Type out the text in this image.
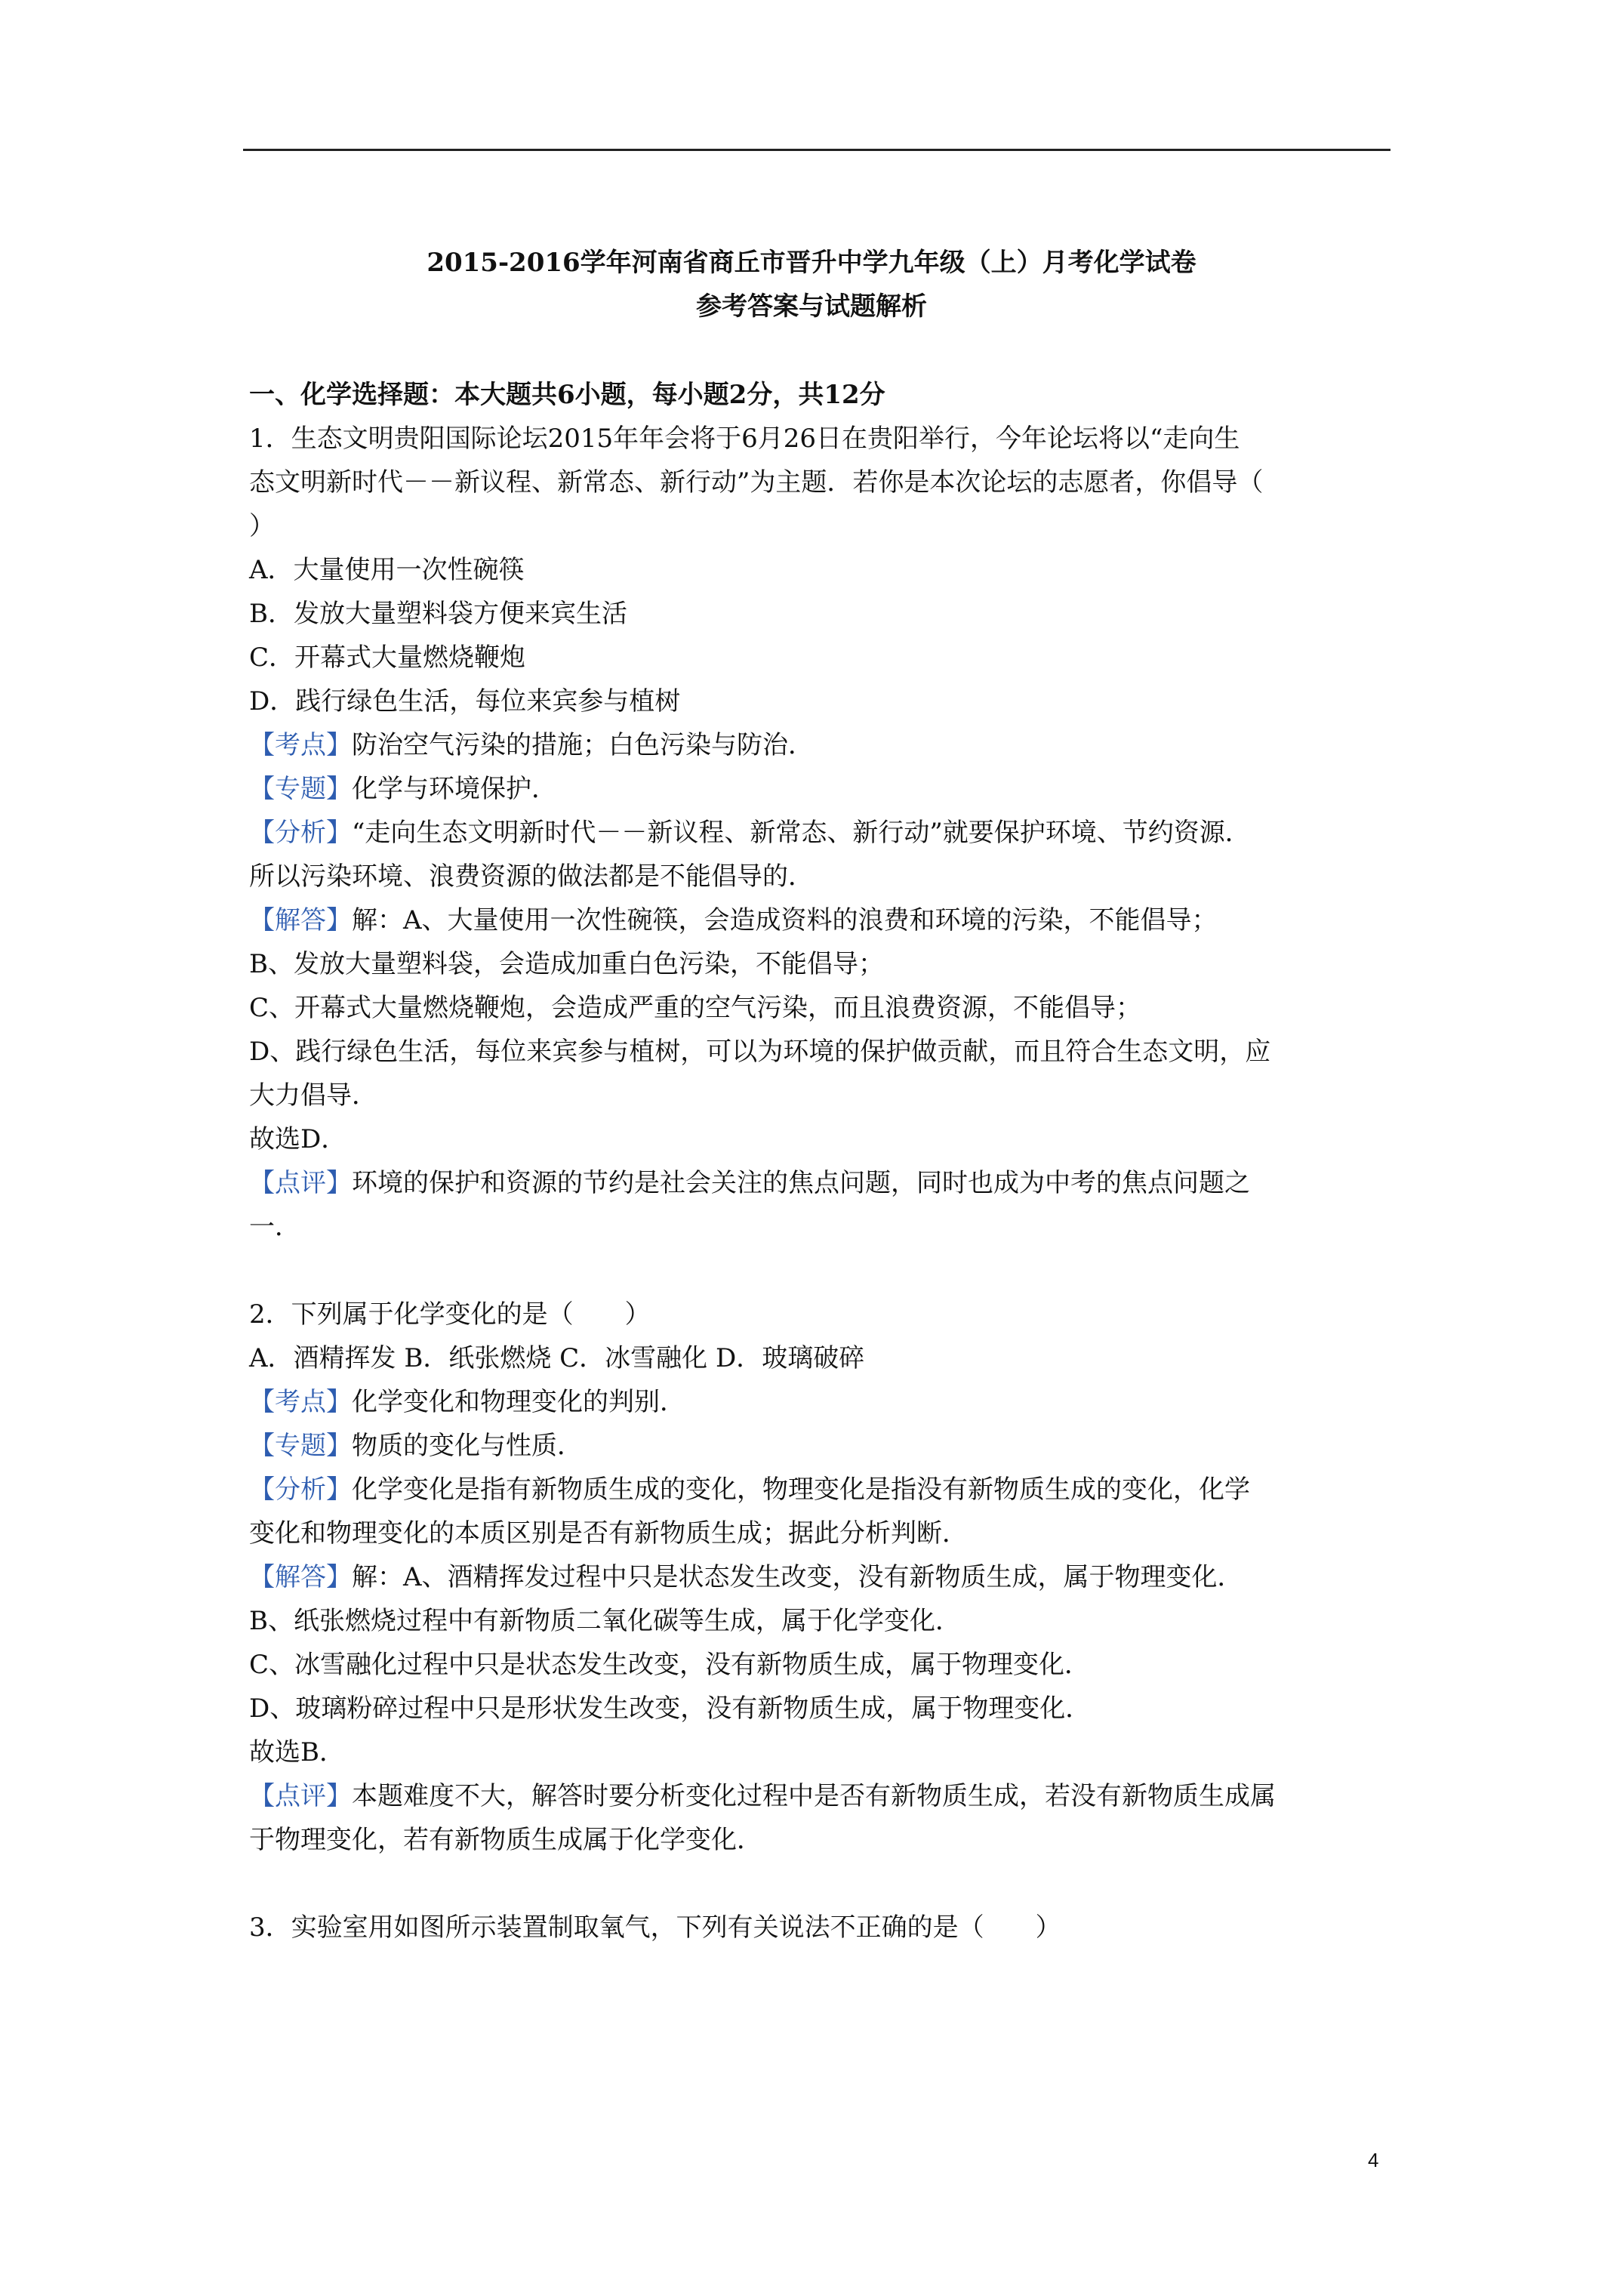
2015-2016学年河南省商丘市晋升中学九年级（上）月考化学试卷
参考答案与试题解析
一、化学选择题：本大题共6小题，每小题2分，共12分
1．生态文明贵阳国际论坛2015年年会将于6月26日在贵阳举行，今年论坛将以“走向生
态文明新时代－－新议程、新常态、新行动”为主题．若你是本次论坛的志愿者，你倡导（
）
A．大量使用一次性碗筷
B．发放大量塑料袋方便来宾生活
C．开幕式大量燃烧鞭炮
D．践行绿色生活，每位来宾参与植树
【考点】防治空气污染的措施；白色污染与防治．
【专题】化学与环境保护．
【分析】“走向生态文明新时代－－新议程、新常态、新行动”就要保护环境、节约资源．
所以污染环境、浪费资源的做法都是不能倡导的．
【解答】解：A、大量使用一次性碗筷，会造成资料的浪费和环境的污染，不能倡导；
B、发放大量塑料袋，会造成加重白色污染，不能倡导；
C、开幕式大量燃烧鞭炮，会造成严重的空气污染，而且浪费资源，不能倡导；
D、践行绿色生活，每位来宾参与植树，可以为环境的保护做贡献，而且符合生态文明，应
大力倡导．
故选D．
【点评】环境的保护和资源的节约是社会关注的焦点问题，同时也成为中考的焦点问题之
一．
2．下列属于化学变化的是（　　）
A．酒精挥发 B．纸张燃烧 C．冰雪融化 D．玻璃破碎
【考点】化学变化和物理变化的判别．
【专题】物质的变化与性质．
【分析】化学变化是指有新物质生成的变化，物理变化是指没有新物质生成的变化，化学
变化和物理变化的本质区别是否有新物质生成；据此分析判断．
【解答】解：A、酒精挥发过程中只是状态发生改变，没有新物质生成，属于物理变化．
B、纸张燃烧过程中有新物质二氧化碳等生成，属于化学变化．
C、冰雪融化过程中只是状态发生改变，没有新物质生成，属于物理变化．
D、玻璃粉碎过程中只是形状发生改变，没有新物质生成，属于物理变化．
故选B．
【点评】本题难度不大，解答时要分析变化过程中是否有新物质生成，若没有新物质生成属
于物理变化，若有新物质生成属于化学变化．
3．实验室用如图所示装置制取氧气，下列有关说法不正确的是（　　）
4
